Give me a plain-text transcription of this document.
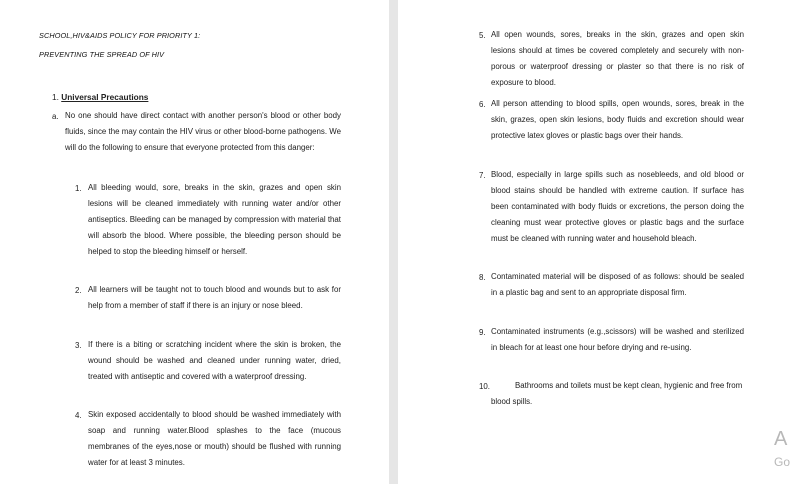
SCHOOL,HIV&AIDS POLICY FOR PRIORITY 1:
PREVENTING THE SPREAD OF HIV
1. Universal Precautions
a. No one should have direct contact with another person's blood or other body fluids, since the may contain the HIV virus or other blood-borne pathogens. We will do the following to ensure that everyone protected from this danger:

1. All bleeding would, sore, breaks in the skin, grazes and open skin lesions will be cleaned immediately with running water and/or other antiseptics. Bleeding can be managed by compression with material that will absorb the blood. Where possible, the bleeding person should be helped to stop the bleeding himself or herself.

2. All learners will be taught not to touch blood and wounds but to ask for help from a member of staff if there is an injury or nose bleed.

3. If there is a biting or scratching incident where the skin is broken, the wound should be washed and cleaned under running water, dried, treated with antiseptic and covered with a waterproof dressing.

4. Skin exposed accidentally to blood should be washed immediately with soap and running water.Blood splashes to the face (mucous membranes of the eyes,nose or mouth) should be flushed with running water for at least 3 minutes.

5. All open wounds, sores, breaks in the skin, grazes and open skin lesions should at times be covered completely and securely with non-porous or waterproof dressing or plaster so that there is no risk of exposure to blood.

6. All person attending to blood spills, open wounds, sores, break in the skin, grazes, open skin lesions, body fluids and excretion should wear protective latex gloves or plastic bags over their hands.

7. Blood, especially in large spills such as nosebleeds, and old blood or blood stains should be handled with extreme caution. If surface has been contaminated with body fluids or excretions, the person doing the cleaning must wear protective gloves or plastic bags and the surface must be cleaned with running water and household bleach.

8. Contaminated material will be disposed of as follows: should be sealed in a plastic bag and sent to an appropriate disposal firm.

9. Contaminated instruments (e.g.,scissors) will be washed and sterilized in bleach for at least one hour before drying and re-using.

10.	Bathrooms and toilets must be kept clean, hygienic and free from blood spills.

A
Go
